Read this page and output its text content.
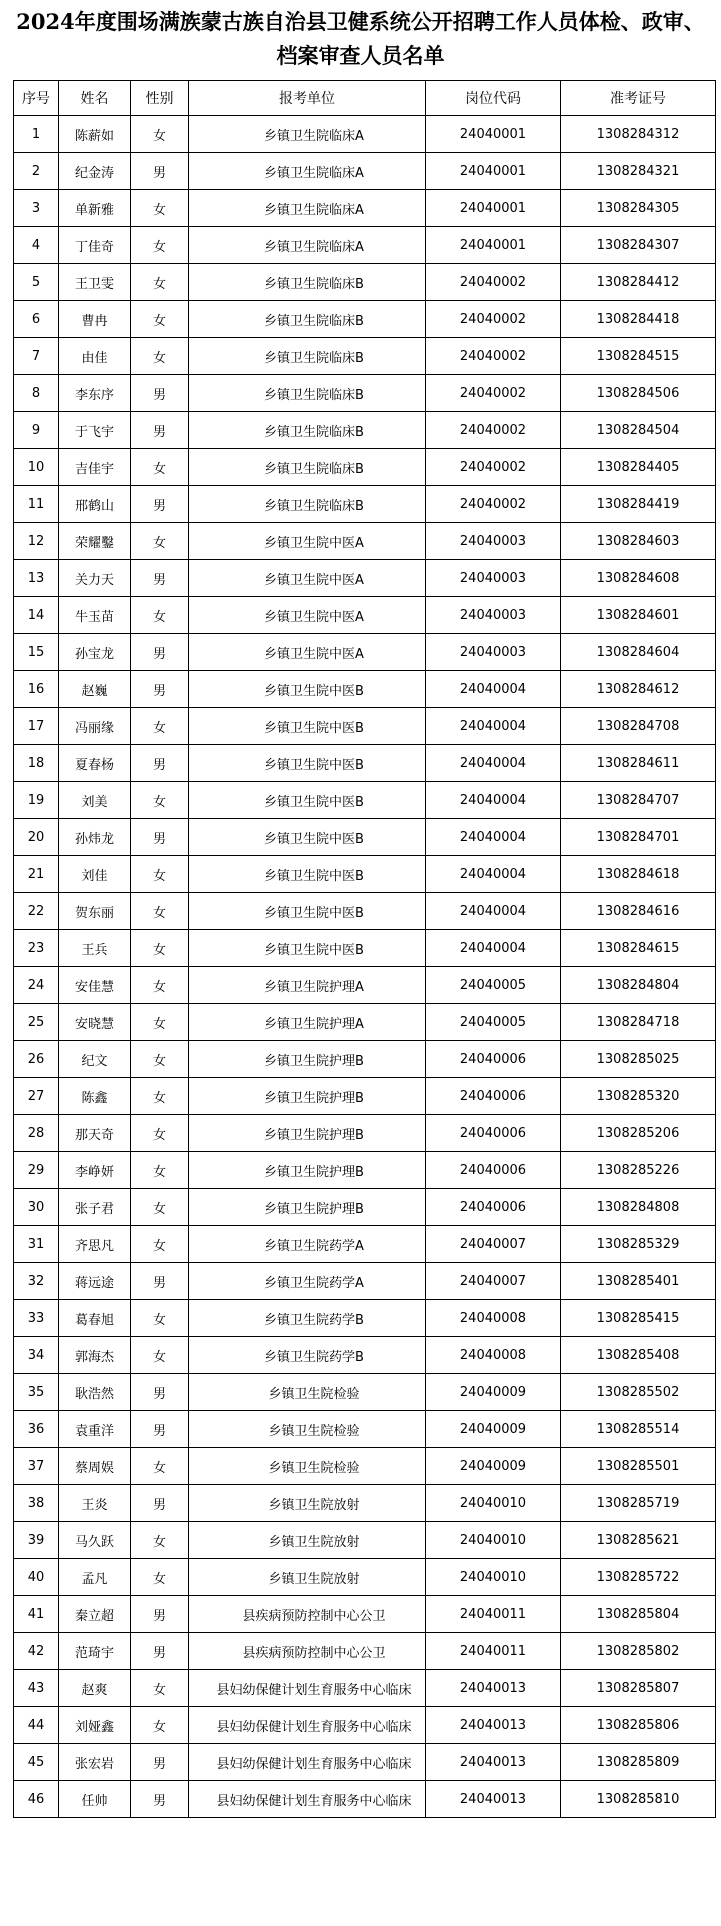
2024年度围场满族蒙古族自治县卫健系统公开招聘工作人员体检、政审、档案审查人员名单
序号	姓名	性别	报考单位	岗位代码	准考证号
1	陈薪如	女	乡镇卫生院临床A	24040001	1308284312
2	纪金涛	男	乡镇卫生院临床A	24040001	1308284321
3	单新雅	女	乡镇卫生院临床A	24040001	1308284305
4	丁佳奇	女	乡镇卫生院临床A	24040001	1308284307
5	王卫雯	女	乡镇卫生院临床B	24040002	1308284412
6	曹冉	女	乡镇卫生院临床B	24040002	1308284418
7	由佳	女	乡镇卫生院临床B	24040002	1308284515
8	李东序	男	乡镇卫生院临床B	24040002	1308284506
9	于飞宇	男	乡镇卫生院临床B	24040002	1308284504
10	吉佳宇	女	乡镇卫生院临床B	24040002	1308284405
11	邢鹤山	男	乡镇卫生院临床B	24040002	1308284419
12	荣耀鑿	女	乡镇卫生院中医A	24040003	1308284603
13	关力天	男	乡镇卫生院中医A	24040003	1308284608
14	牛玉苗	女	乡镇卫生院中医A	24040003	1308284601
15	孙宝龙	男	乡镇卫生院中医A	24040003	1308284604
16	赵巍	男	乡镇卫生院中医B	24040004	1308284612
17	冯丽缘	女	乡镇卫生院中医B	24040004	1308284708
18	夏春杨	男	乡镇卫生院中医B	24040004	1308284611
19	刘美	女	乡镇卫生院中医B	24040004	1308284707
20	孙炜龙	男	乡镇卫生院中医B	24040004	1308284701
21	刘佳	女	乡镇卫生院中医B	24040004	1308284618
22	贺东丽	女	乡镇卫生院中医B	24040004	1308284616
23	王兵	女	乡镇卫生院中医B	24040004	1308284615
24	安佳慧	女	乡镇卫生院护理A	24040005	1308284804
25	安晓慧	女	乡镇卫生院护理A	24040005	1308284718
26	纪文	女	乡镇卫生院护理B	24040006	1308285025
27	陈鑫	女	乡镇卫生院护理B	24040006	1308285320
28	那天奇	女	乡镇卫生院护理B	24040006	1308285206
29	李峥妍	女	乡镇卫生院护理B	24040006	1308285226
30	张子君	女	乡镇卫生院护理B	24040006	1308284808
31	齐思凡	女	乡镇卫生院药学A	24040007	1308285329
32	蒋远途	男	乡镇卫生院药学A	24040007	1308285401
33	葛春旭	女	乡镇卫生院药学B	24040008	1308285415
34	郭海杰	女	乡镇卫生院药学B	24040008	1308285408
35	耿浩然	男	乡镇卫生院检验	24040009	1308285502
36	袁重洋	男	乡镇卫生院检验	24040009	1308285514
37	蔡周娱	女	乡镇卫生院检验	24040009	1308285501
38	王炎	男	乡镇卫生院放射	24040010	1308285719
39	马久跃	女	乡镇卫生院放射	24040010	1308285621
40	孟凡	女	乡镇卫生院放射	24040010	1308285722
41	秦立超	男	县疾病预防控制中心公卫	24040011	1308285804
42	范琦宇	男	县疾病预防控制中心公卫	24040011	1308285802
43	赵爽	女	县妇幼保健计划生育服务中心临床	24040013	1308285807
44	刘娅鑫	女	县妇幼保健计划生育服务中心临床	24040013	1308285806
45	张宏岩	男	县妇幼保健计划生育服务中心临床	24040013	1308285809
46	任帅	男	县妇幼保健计划生育服务中心临床	24040013	1308285810
